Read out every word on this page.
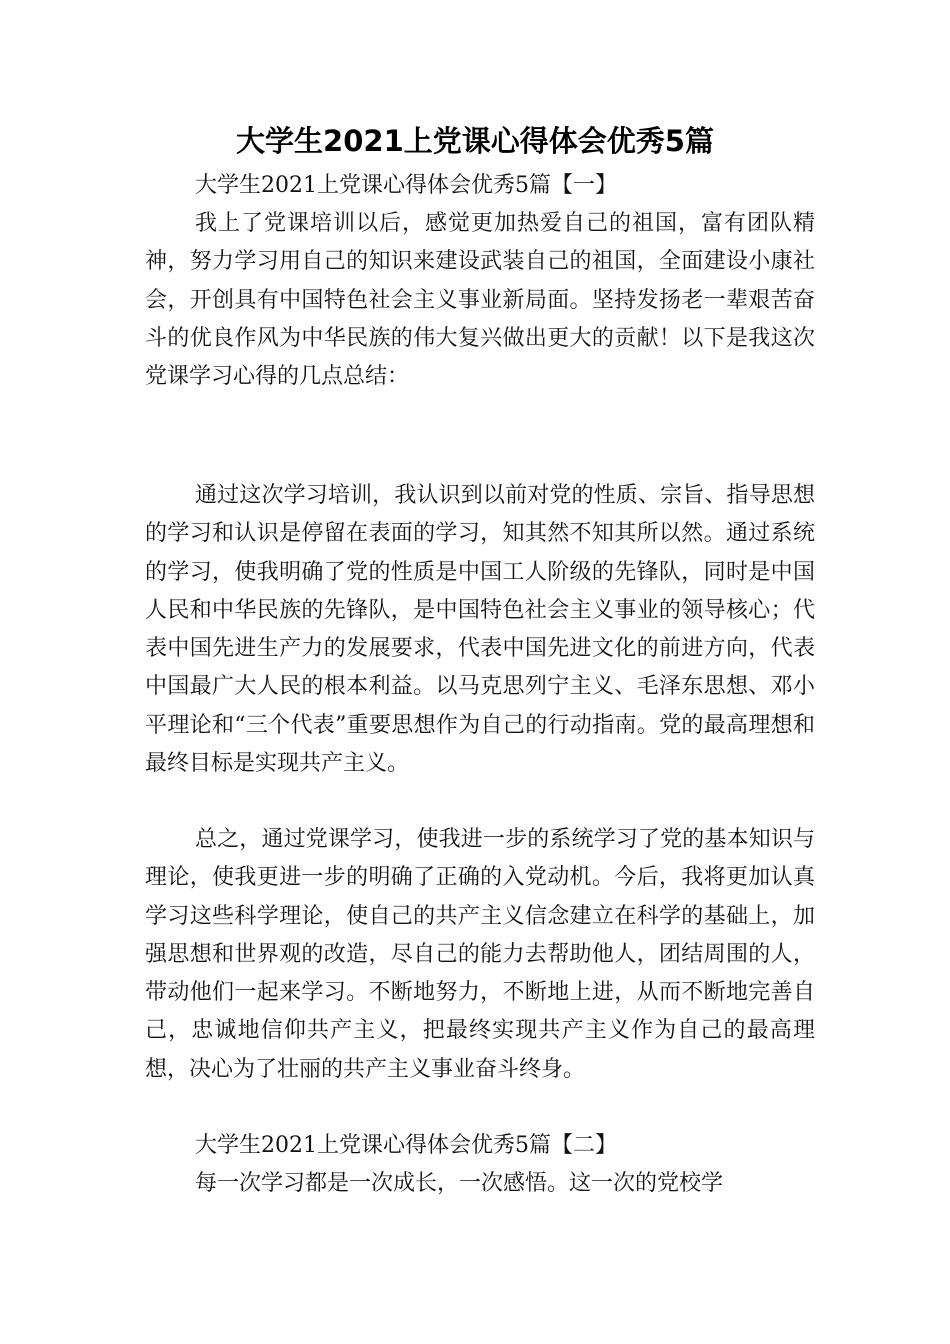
大学生2021上党课心得体会优秀5篇

大学生2021上党课心得体会优秀5篇【一】

我上了党课培训以后，感觉更加热爱自己的祖国，富有团队精神，努力学习用自己的知识来建设武装自己的祖国，全面建设小康社会，开创具有中国特色社会主义事业新局面。坚持发扬老一辈艰苦奋斗的优良作风为中华民族的伟大复兴做出更大的贡献！以下是我这次党课学习心得的几点总结：

通过这次学习培训，我认识到以前对党的性质、宗旨、指导思想的学习和认识是停留在表面的学习，知其然不知其所以然。通过系统的学习，使我明确了党的性质是中国工人阶级的先锋队，同时是中国人民和中华民族的先锋队，是中国特色社会主义事业的领导核心；代表中国先进生产力的发展要求，代表中国先进文化的前进方向，代表中国最广大人民的根本利益。以马克思列宁主义、毛泽东思想、邓小平理论和“三个代表”重要思想作为自己的行动指南。党的最高理想和最终目标是实现共产主义。

总之，通过党课学习，使我进一步的系统学习了党的基本知识与理论，使我更进一步的明确了正确的入党动机。今后，我将更加认真学习这些科学理论，使自己的共产主义信念建立在科学的基础上，加强思想和世界观的改造，尽自己的能力去帮助他人，团结周围的人，带动他们一起来学习。不断地努力，不断地上进，从而不断地完善自己，忠诚地信仰共产主义，把最终实现共产主义作为自己的最高理想，决心为了壮丽的共产主义事业奋斗终身。

大学生2021上党课心得体会优秀5篇【二】

每一次学习都是一次成长，一次感悟。这一次的党校学
